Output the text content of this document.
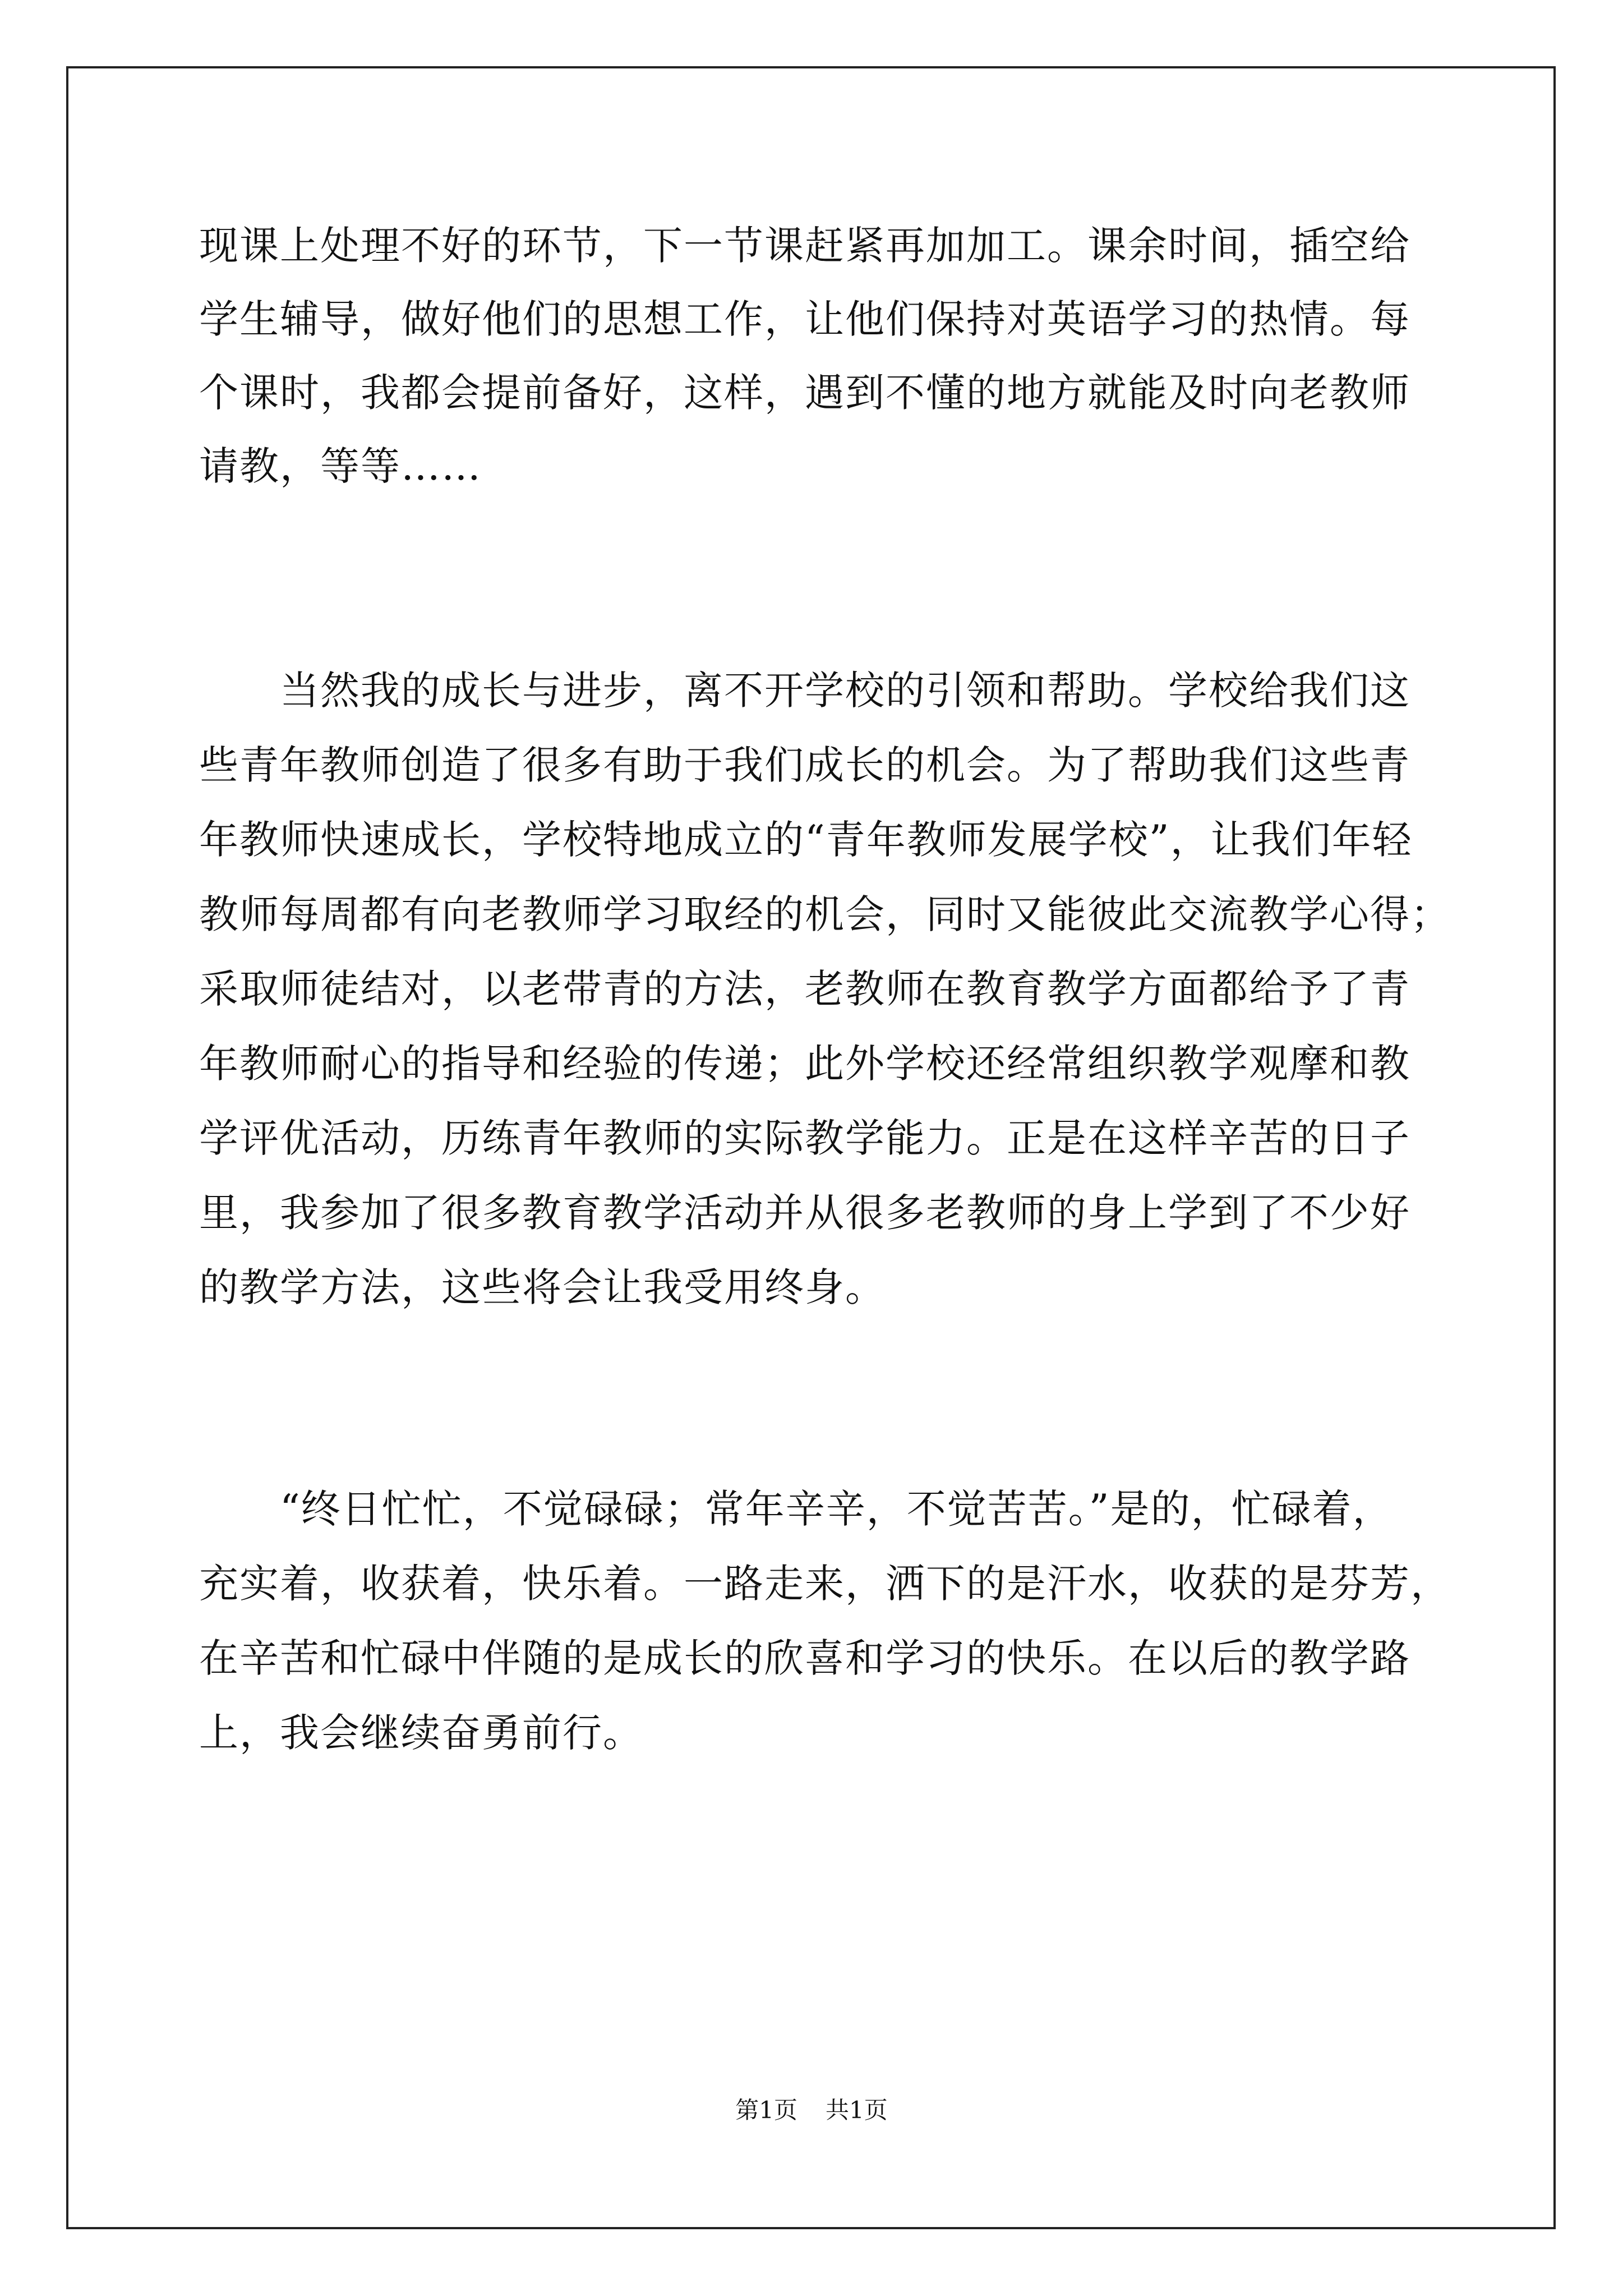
现课上处理不好的环节，下一节课赶紧再加加工。课余时间，插空给
学生辅导，做好他们的思想工作，让他们保持对英语学习的热情。每
个课时，我都会提前备好，这样，遇到不懂的地方就能及时向老教师
请教，等等……
　　当然我的成长与进步，离不开学校的引领和帮助。学校给我们这
些青年教师创造了很多有助于我们成长的机会。为了帮助我们这些青
年教师快速成长，学校特地成立的“青年教师发展学校”，让我们年轻
教师每周都有向老教师学习取经的机会，同时又能彼此交流教学心得；
采取师徒结对，以老带青的方法，老教师在教育教学方面都给予了青
年教师耐心的指导和经验的传递；此外学校还经常组织教学观摩和教
学评优活动，历练青年教师的实际教学能力。正是在这样辛苦的日子
里，我参加了很多教育教学活动并从很多老教师的身上学到了不少好
的教学方法，这些将会让我受用终身。
　　“终日忙忙，不觉碌碌；常年辛辛，不觉苦苦。”是的，忙碌着，
充实着，收获着，快乐着。一路走来，洒下的是汗水，收获的是芬芳，
在辛苦和忙碌中伴随的是成长的欣喜和学习的快乐。在以后的教学路
上，我会继续奋勇前行。
第1页 共1页
